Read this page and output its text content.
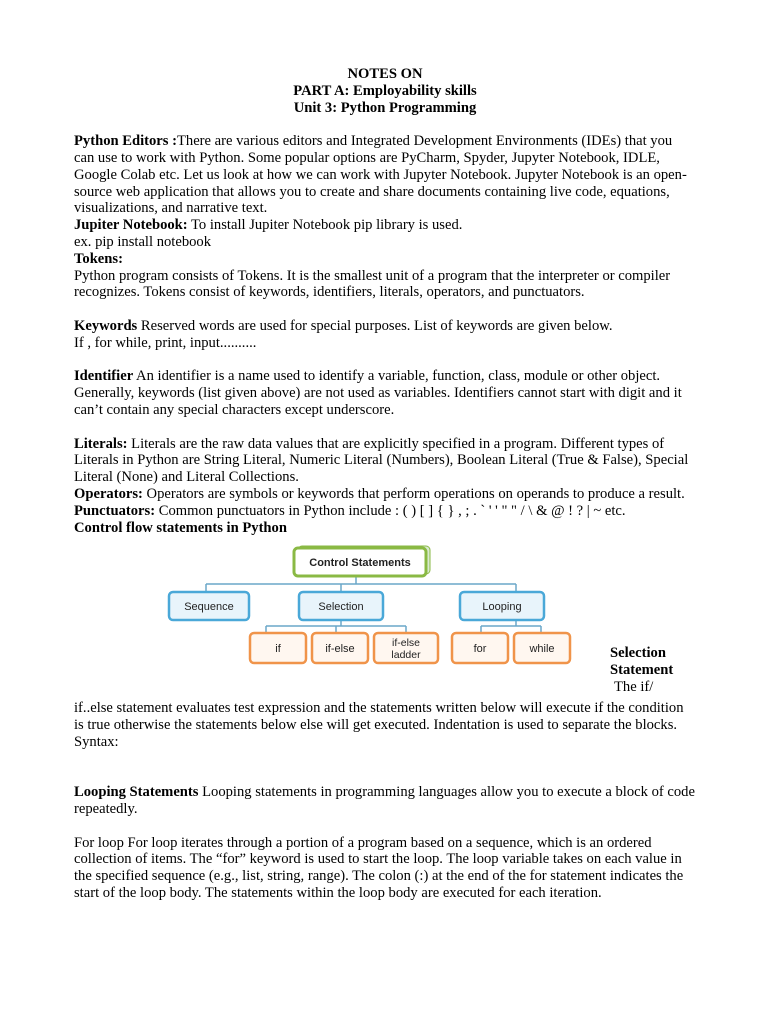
NOTES ON

PART A: Employability skills

Unit 3: Python Programming

Python Editors :There are various editors and Integrated Development Environments (IDEs) that you can use to work with Python. Some popular options are PyCharm, Spyder, Jupyter Notebook, IDLE, Google Colab etc. Let us look at how we can work with Jupyter Notebook. Jupyter Notebook is an open-source web application that allows you to create and share documents containing live code, equations, visualizations, and narrative text.

Jupiter Notebook: To install Jupiter Notebook pip library is used.

ex. pip install notebook

Tokens:

Python program consists of Tokens. It is the smallest unit of a program that the interpreter or compiler recognizes. Tokens consist of keywords, identifiers, literals, operators, and punctuators.

Keywords Reserved words are used for special purposes. List of keywords are given below.

If , for while, print, input..........

Identifier An identifier is a name used to identify a variable, function, class, module or other object. Generally, keywords (list given above) are not used as variables. Identifiers cannot start with digit and it can’t contain any special characters except underscore.

Literals: Literals are the raw data values that are explicitly specified in a program. Different types of Literals in Python are String Literal, Numeric Literal (Numbers), Boolean Literal (True & False), Special Literal (None) and Literal Collections.

Operators: Operators are symbols or keywords that perform operations on operands to produce a result.

Punctuators: Common punctuators in Python include : ( ) [ ] { } , ; . ` ' ' " " / \ & @ ! ? | ~ etc.

Control flow statements in Python

Control Statements
Sequence	Selection	Looping
if	if-else	if-else ladder	for	while	Selection
Statement
The if/

if..else statement evaluates test expression and the statements written below will execute if the condition is true otherwise the statements below else will get executed. Indentation is used to separate the blocks. Syntax:

Looping Statements Looping statements in programming languages allow you to execute a block of code repeatedly.

For loop For loop iterates through a portion of a program based on a sequence, which is an ordered collection of items. The “for” keyword is used to start the loop. The loop variable takes on each value in the specified sequence (e.g., list, string, range). The colon (:) at the end of the for statement indicates the start of the loop body. The statements within the loop body are executed for each iteration.
